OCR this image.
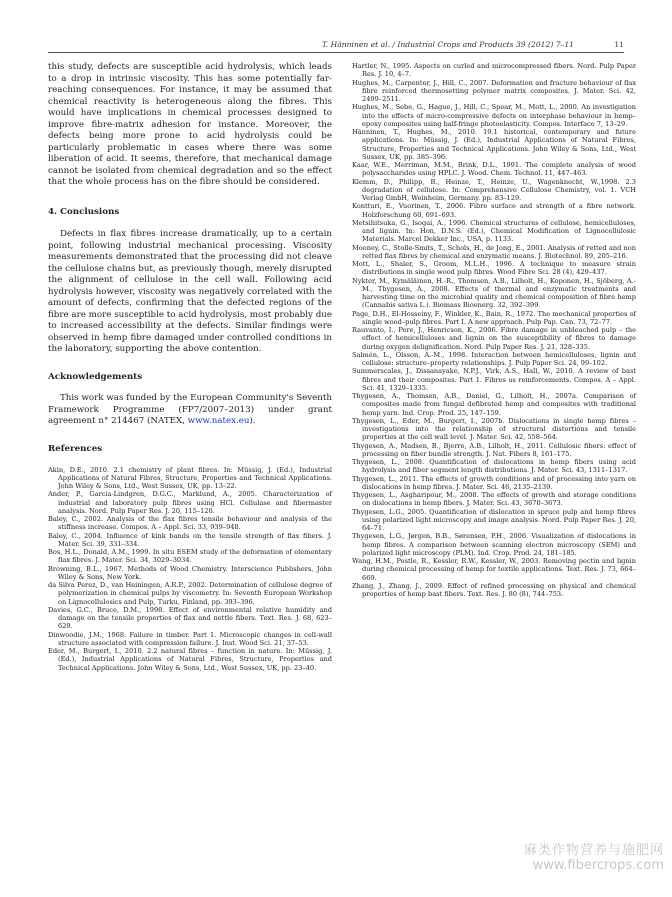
T. Hänninen et al. / Industrial Crops and Products 39 (2012) 7–11	11

this study, defects are susceptible acid hydrolysis, which leads to a drop in intrinsic viscosity. This has some potentially far-reaching consequences. For instance, it may be assumed that chemical reactivity is heterogeneous along the fibres. This would have implications in chemical processes designed to improve fibre-matrix adhesion for instance. Moreover, the defects being more prone to acid hydrolysis could be particularly problematic in cases where there was some liberation of acid. It seems, therefore, that mechanical damage cannot be isolated from chemical degradation and so the effect that the whole process has on the fibre should be considered.

4. Conclusions

Defects in flax fibres increase dramatically, up to a certain point, following industrial mechanical processing. Viscosity measurements demonstrated that the processing did not cleave the cellulose chains but, as previously though, merely disrupted the alignment of cellulose in the cell wall. Following acid hydrolysis however, viscosity was negatively correlated with the amount of defects, confirming that the defected regions of the fibre are more susceptible to acid hydrolysis, most probably due to increased accessibility at the defects. Similar findings were observed in hemp fibre damaged under controlled conditions in the laboratory, supporting the above contention.

Acknowledgements

This work was funded by the European Community's Seventh Framework Programme (FP7/2007–2013) under grant agreement n° 214467 (NATEX, www.natex.eu).

References

Akin, D.E., 2010. 2.1 chemistry of plant fibres. In: Müssig, J. (Ed.), Industrial Applications of Natural Fibres, Structure, Properties and Technical Applications. John Wiley & Sons, Ltd., West Sussex, UK, pp. 13–22.

Ander, P., Garcia-Lindgren, D.G.C., Marklund, A., 2005. Characterization of industrial and laboratory pulp fibres using HCl. Cellulase and fibermaster analysis. Nord. Pulp Paper Res. J. 20, 115–120.

Baley, C., 2002. Analysis of the flax fibres tensile behaviour and analysis of the stiffness increase. Compos. A – Appl. Sci. 33, 939–948.

Baley, C., 2004. Influence of kink bands on the tensile strength of flax fibers. J. Mater. Sci. 39, 331–334.

Bos, H.L., Donald, A.M., 1999. In situ ESEM study of the deformation of elementary flax fibres. J. Mater. Sci. 34, 3029–3034.

Browning, B.L., 1967. Methods of Wood Chemistry. Interscience Publishers, John Wiley & Sons, New York.

da Silva Perez, D., van Heiningen, A.R.P., 2002. Determination of cellulose degree of polymerization in chemical pulps by viscometry. In: Seventh European Workshop on Lignocellulosics and Pulp, Turku, Finland, pp. 393–396.

Davies, G.C., Bruce, D.M., 1998. Effect of environmental relative humidity and damage on the tensile properties of flax and nettle fibers. Text. Res. J. 68, 623–629.

Dinwoodie, J.M., 1968. Failure in timber. Part 1. Microscopic changes in cell-wall structure associated with compression failure. J. Inst. Wood Sci. 21, 37–53.

Eder, M., Burgert, I., 2010. 2.2 natural fibres – function in nature. In: Müssig, J. (Ed.), Industrial Applications of Natural Fibres, Structure, Properties and Technical Applications. John Wiley & Sons, Ltd., West Sussex, UK, pp. 23–40.

Hartler, N., 1995. Aspects on curled and microcompressed fibers. Nord. Pulp Paper Res. J. 10, 4–7.

Hughes, M., Carpenter, J., Hill, C., 2007. Deformation and fracture behaviour of flax fibre reinforced thermosetting polymer matrix composites. J. Mater. Sci. 42, 2499–2511.

Hughes, M., Sebe, G., Hague, J., Hill, C., Spear, M., Mott, L., 2000. An investigation into the effects of micro-compressive defects on interphase behaviour in hemp–epoxy composites using half-fringe photoelasticity. Compos. Interface 7, 13–29.

Hänninen, T., Hughes, M., 2010. 19.1 historical, contemporary and future applications. In: Müssig, J. (Ed.), Industrial Applications of Natural Fibres, Structure, Properties and Technical Applications. John Wiley & Sons, Ltd., West Sussex, UK, pp. 385–396.

Kaar, W.E., Merriman, M.M., Brink, D.L., 1991. The complete analysis of wood polysaccharides using HPLC. J. Wood. Chem. Technol. 11, 447–463.

Klemm, D., Philipp, B., Heinze, T., Heinze, U., Wagenknecht, W.,1998. 2.3 degradation of cellulose. In: Comprehensive Cellulose Chemistry, vol. 1. VCH Verlag GmbH, Weinheim, Germany. pp. 83–129.

Kontturi, E., Vuorinen, T., 2006. Fibre surface and strength of a fibre network. Holzforschung 60, 691–693.

Metsihitsuka, G., Isogai, A., 1996. Chemical structures of cellulose, hemicelluloses, and lignin. In: Hon, D.N.S. (Ed.), Chemical Modification of Lignocellulosic Materials. Marcel Dekker Inc., USA, p. 1133.

Mooney, C., Stolle-Smits, T., Schols, H., de Jong, E., 2001. Analysis of retted and non retted flax fibres by chemical and enzymatic means. J. Biotechnol. 89, 205–216.

Mott, L., Shaler, S., Groom, M.L.H., 1996. A technique to measure strain distributions in single wood pulp fibres. Wood Fibre Sci. 28 (4), 429–437.

Nykter, M., Kymäläinen, H.-R., Thomsen, A.B., Lilholt, H., Koponen, H., Sjöberg, A.-M., Thygesen, A., 2008. Effects of thermal and enzymatic treatments and harvesting time on the microbial quality and chemical composition of fibre hemp (Cannabis sativa L.). Biomass Bioenerg. 32, 392–399.

Page, D.H., El-Hosseiny, F., Winkler, K., Bain, R., 1972. The mechanical properties of single wood–pulp fibres. Part I. A new approach. Pulp Pap. Can. 73, 72–77.

Rauvanto, I., Pere, J., Henricson, K., 2006. Fibre damage in unbleached pulp – the effect of hemicelluloses and lignin on the susceptibility of fibres to damage during oxygen delignification. Nord. Pulp Paper Res. J. 21, 328–335.

Salmén, L., Olsson, A.-M., 1998. Interaction between hemicelluloses, lignin and cellulose: structure–property relationships. J. Pulp Paper Sci. 24, 99–102.

Summerscales, J., Dissanayake, N.P.J., Virk, A.S., Hall, W., 2010. A review of bast fibres and their composites. Part 1. Fibres as reinforcements. Compos. A – Appl. Sci. 41, 1329–1335.

Thygesen, A., Thomsen, A.B., Daniel, G., Lilholt, H., 2007a. Comparison of composites made from fungal defibrated hemp and composites with traditional hemp yarn. Ind. Crop. Prod. 25, 147–159.

Thygesen, L., Eder, M., Burgert, I., 2007b. Dislocations in single hemp fibres – investigations into the relationship of structural distortions and tensile properties at the cell wall level. J. Mater. Sci. 42, 558–564.

Thygesen, A., Madsen, B., Bjerre, A.B., Lilholt, H., 2011. Cellulosic fibers: effect of processing on fiber bundle strength. J. Nat. Fibers 8, 161–175.

Thygesen, L., 2008. Quantification of dislocations in hemp fibers using acid hydrolysis and fiber segment length distributions. J. Mater. Sci. 43, 1311–1317.

Thygesen, L., 2011. The effects of growth conditions and of processing into yarn on dislocations in hemp fibres. J. Mater. Sci. 46, 2135–2139.

Thygesen, L., Asgharipour, M., 2008. The effects of growth and storage conditions on dislocations in hemp fibers. J. Mater. Sci. 43, 3670–3673.

Thygesen, L.G., 2005. Quantification of dislocation in spruce pulp and hemp fibres using polarized light microscopy and image analysis. Nord. Pulp Paper Res. J. 20, 64–71.

Thygesen, L.G., Jørgen, B.B., Sørensen, P.H., 2006. Visualization of dislocations in hemp fibres. A comparison between scanning electron microscopy (SEM) and polarized light microscopy (PLM). Ind. Crop. Prod. 24, 181–185.

Wang, H.M., Postle, R., Kessler, R.W., Kessler, W., 2003. Removing pectin and lignin during chemical processing of hemp for textile applications. Text. Res. J. 73, 664–669.

Zhang, J., Zhang, J., 2009. Effect of refined processing on physical and chemical properties of hemp bast fibers. Text. Res. J. 80 (8), 744–753.

麻类作物营养与施肥网
www.fibercrops.com
